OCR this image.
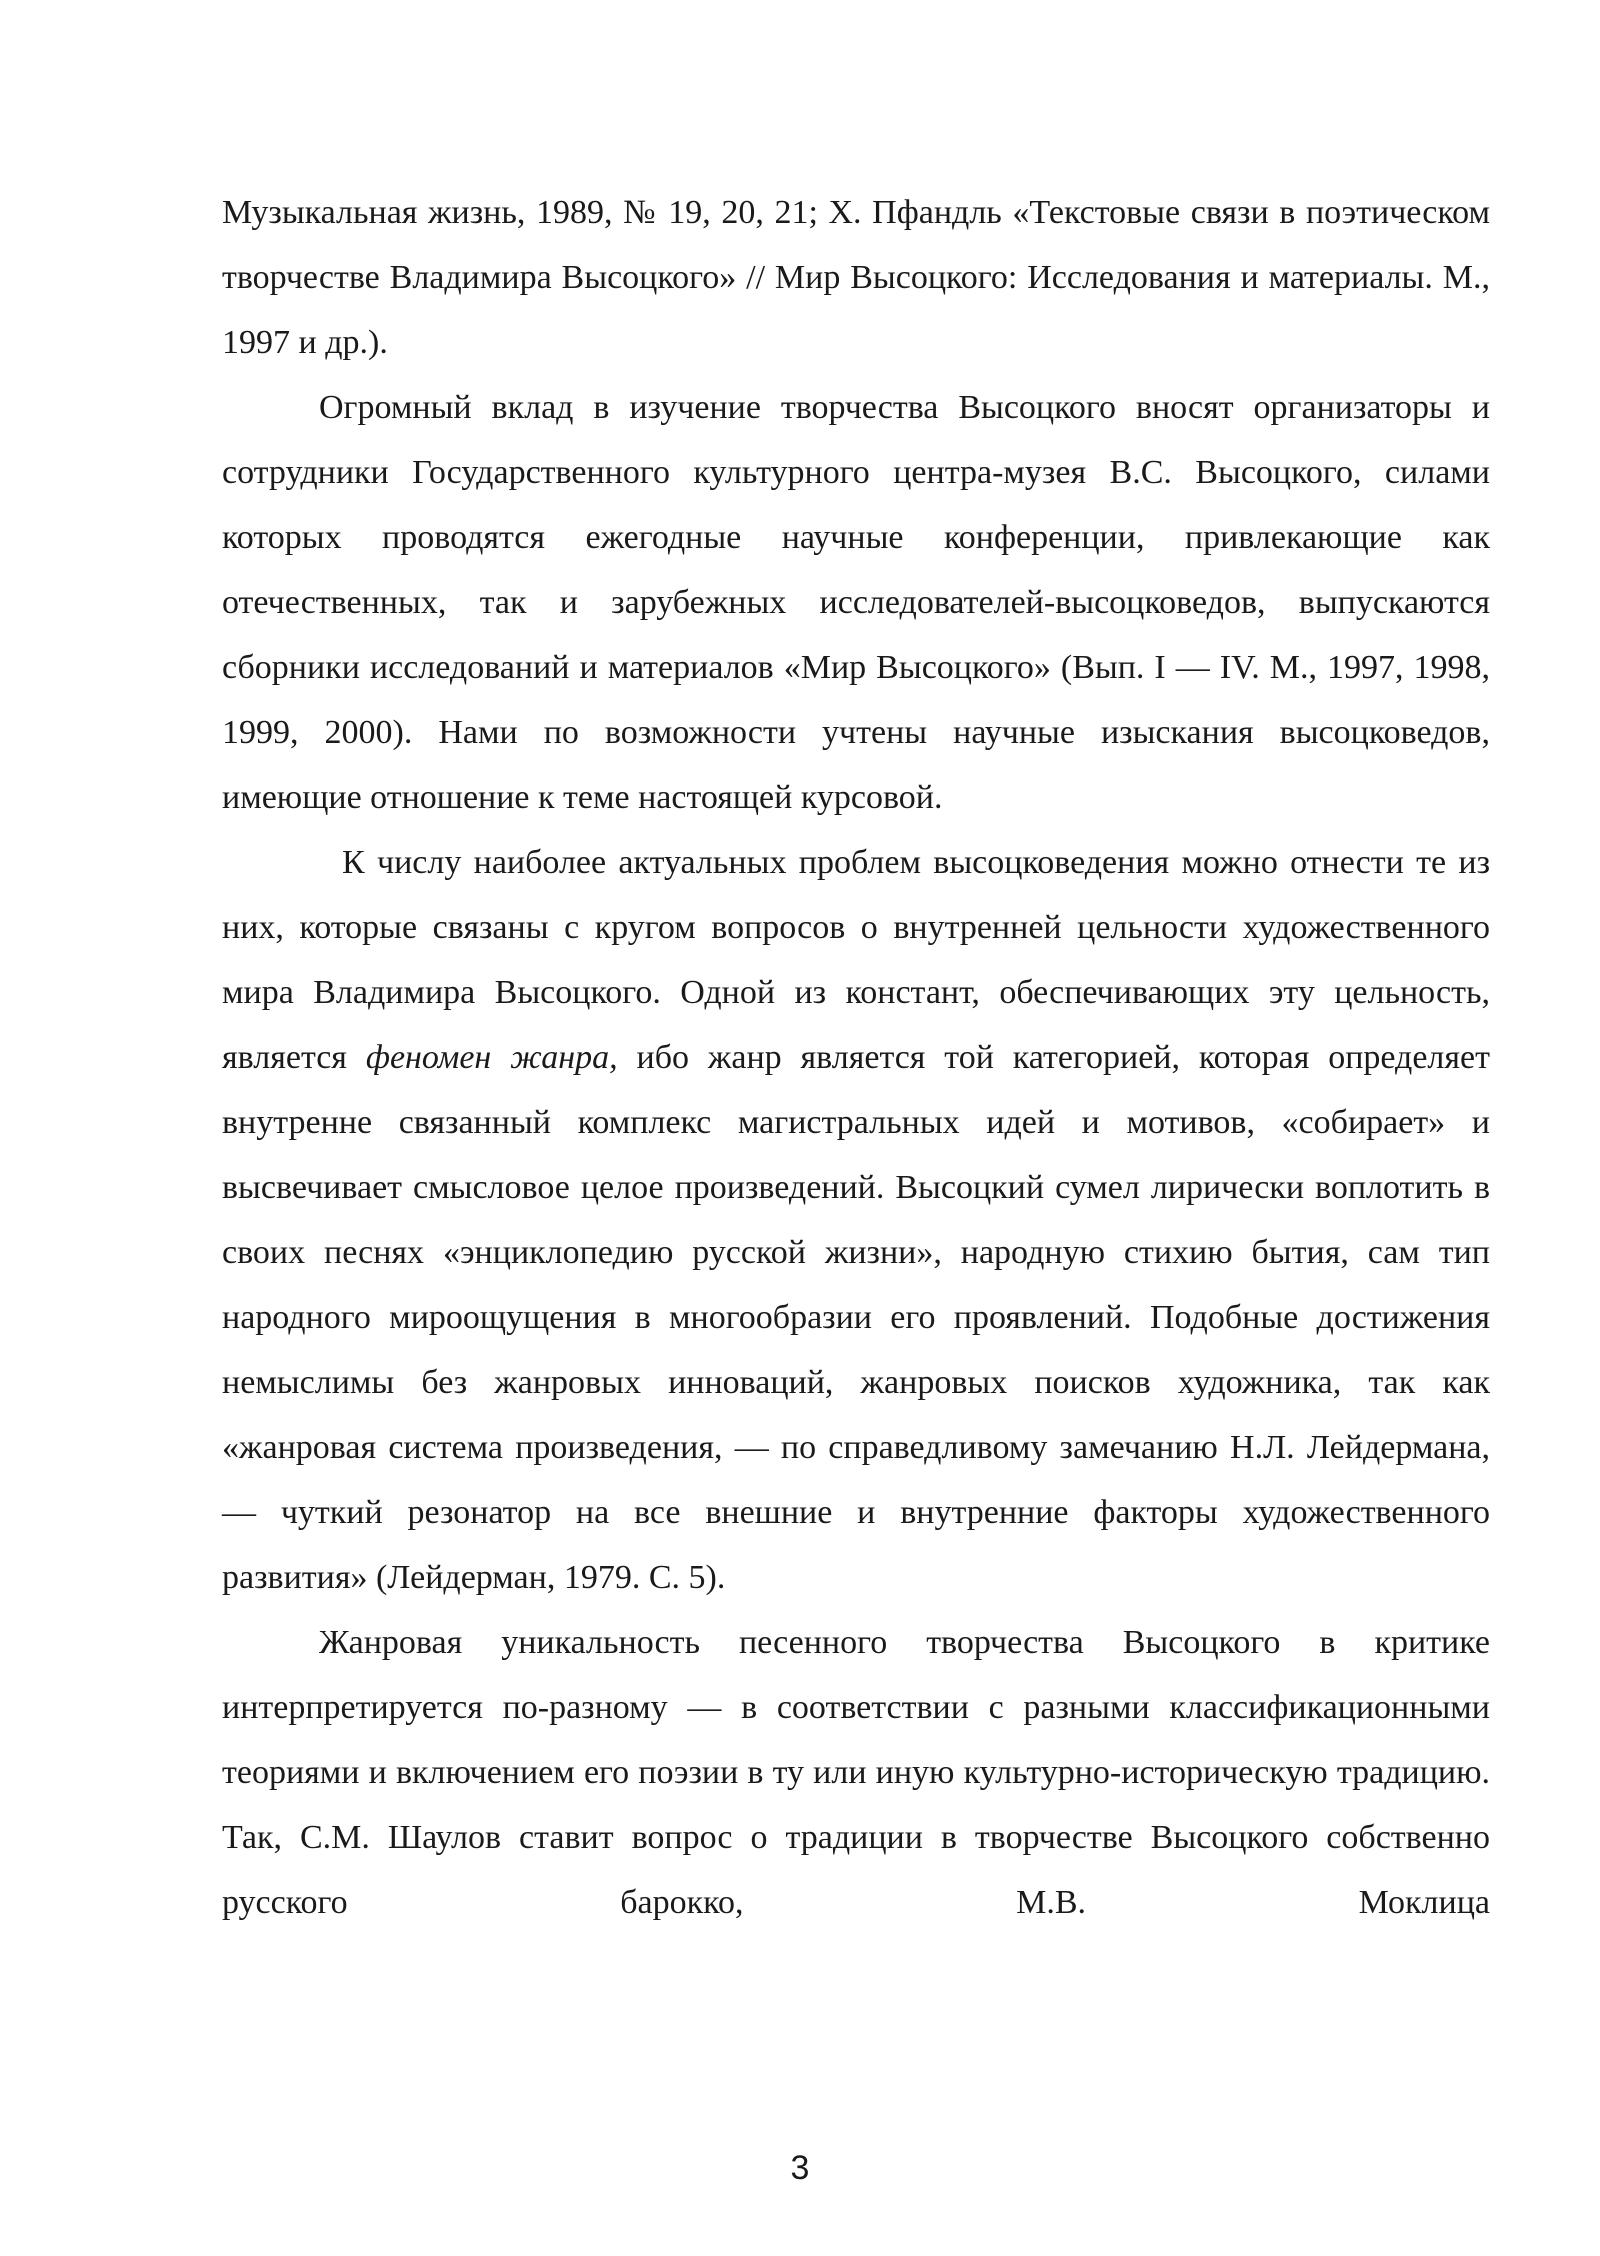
Музыкальная жизнь, 1989, № 19, 20, 21; Х. Пфандль «Текстовые связи в поэтическом творчестве Владимира Высоцкого» // Мир Высоцкого: Исследования и материалы. М., 1997 и др.).

Огромный вклад в изучение творчества Высоцкого вносят организаторы и сотрудники Государственного культурного центра-музея В.С. Высоцкого, силами которых проводятся ежегодные научные конференции, привлекающие как отечественных, так и зарубежных исследователей-высоцковедов, выпускаются сборники исследований и материалов «Мир Высоцкого» (Вып. I — IV. М., 1997, 1998, 1999, 2000). Нами по возможности учтены научные изыскания высоцковедов, имеющие отношение к теме настоящей курсовой.

К числу наиболее актуальных проблем высоцковедения можно отнести те из них, которые связаны с кругом вопросов о внутренней цельности художественного мира Владимира Высоцкого. Одной из констант, обеспечивающих эту цельность, является феномен жанра, ибо жанр является той категорией, которая определяет внутренне связанный комплекс магистральных идей и мотивов, «собирает» и высвечивает смысловое целое произведений. Высоцкий сумел лирически воплотить в своих песнях «энциклопедию русской жизни», народную стихию бытия, сам тип народного мироощущения в многообразии его проявлений. Подобные достижения немыслимы без жанровых инноваций, жанровых поисков художника, так как «жанровая система произведения, — по справедливому замечанию Н.Л. Лейдермана, — чуткий резонатор на все внешние и внутренние факторы художественного развития» (Лейдерман, 1979. С. 5).

Жанровая уникальность песенного творчества Высоцкого в критике интерпретируется по-разному — в соответствии с разными классификационными теориями и включением его поэзии в ту или иную культурно-историческую традицию. Так, С.М. Шаулов ставит вопрос о традиции в творчестве Высоцкого собственно русского барокко, М.В. Моклица

3
